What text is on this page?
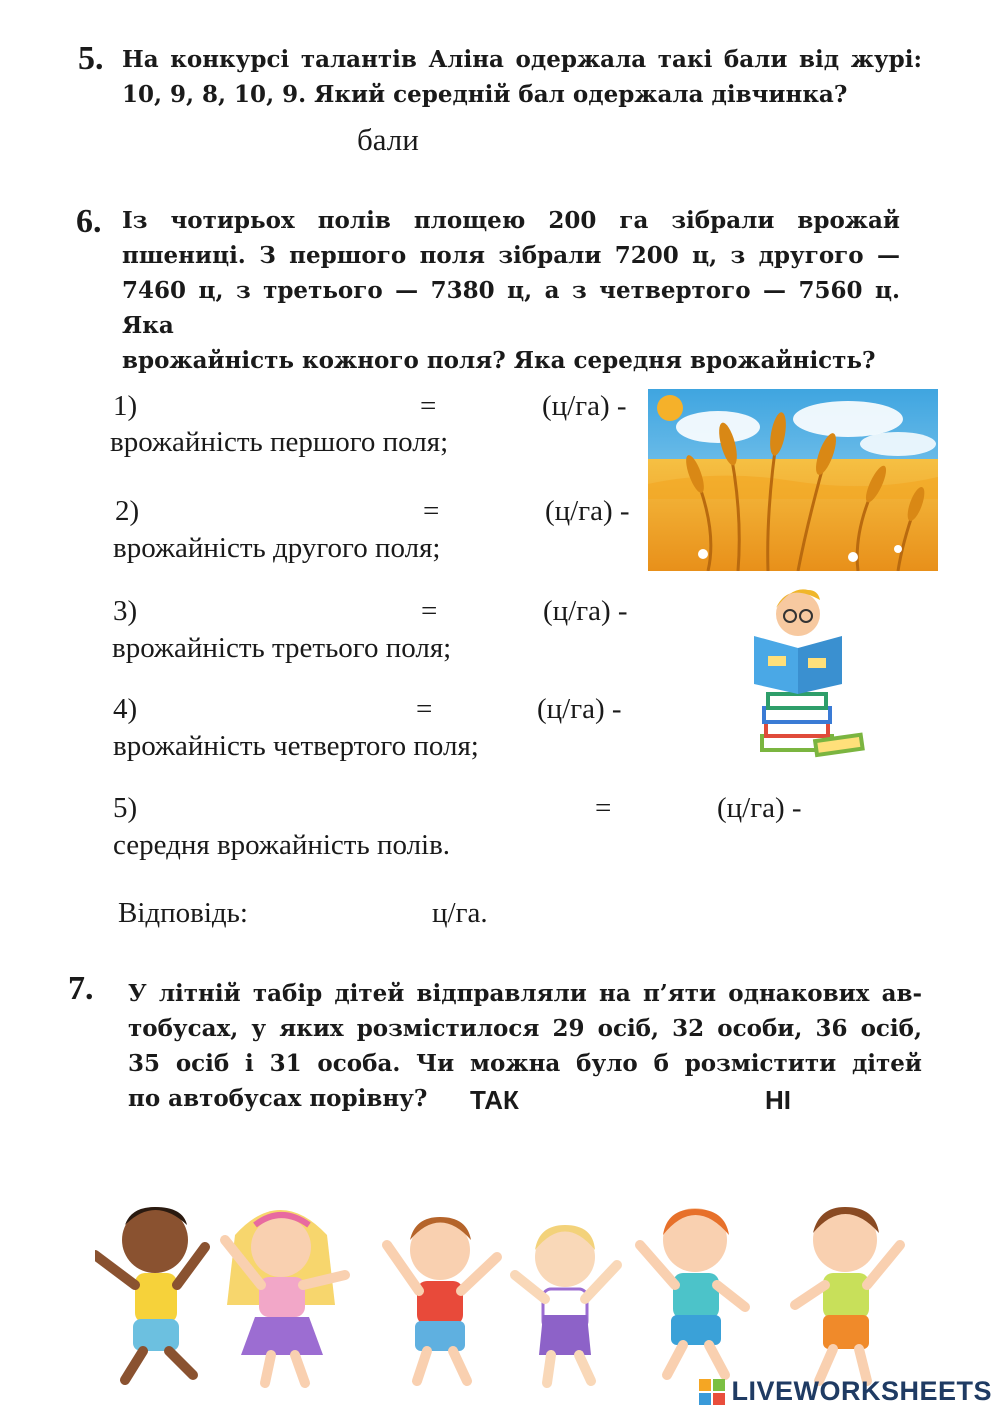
5. На конкурсі талантів Аліна одержала такі бали від журі:

10, 9, 8, 10, 9. Який середній бал одержала дівчинка?

бали
6. Із чотирьох полів площею 200 га зібрали врожай

пшениці. З першого поля зібрали 7200 ц, з другого —

7460 ц, з третього — 7380 ц, а з четвертого — 7560 ц. Яка

врожайність кожного поля? Яка середня врожайність?

1)	=	(ц/га) -
врожайність першого поля;
2)	=	(ц/га) -
врожайність другого поля;
3)	=	(ц/га) -
врожайність третього поля;
4)	=	(ц/га) -
врожайність четвертого поля;
5)	=	(ц/га) -
середня врожайність полів.
Відповідь:	ц/га.
7. У літній табір дітей відправляли на п’яти однакових ав-

тобусах, у яких розмістилося 29 осіб, 32 особи, 36 осіб,

35 осіб і 31 особа. Чи можна було б розмістити дітей

по автобусах порівну?	ТАК	НІ
LIVEWORKSHEETS
